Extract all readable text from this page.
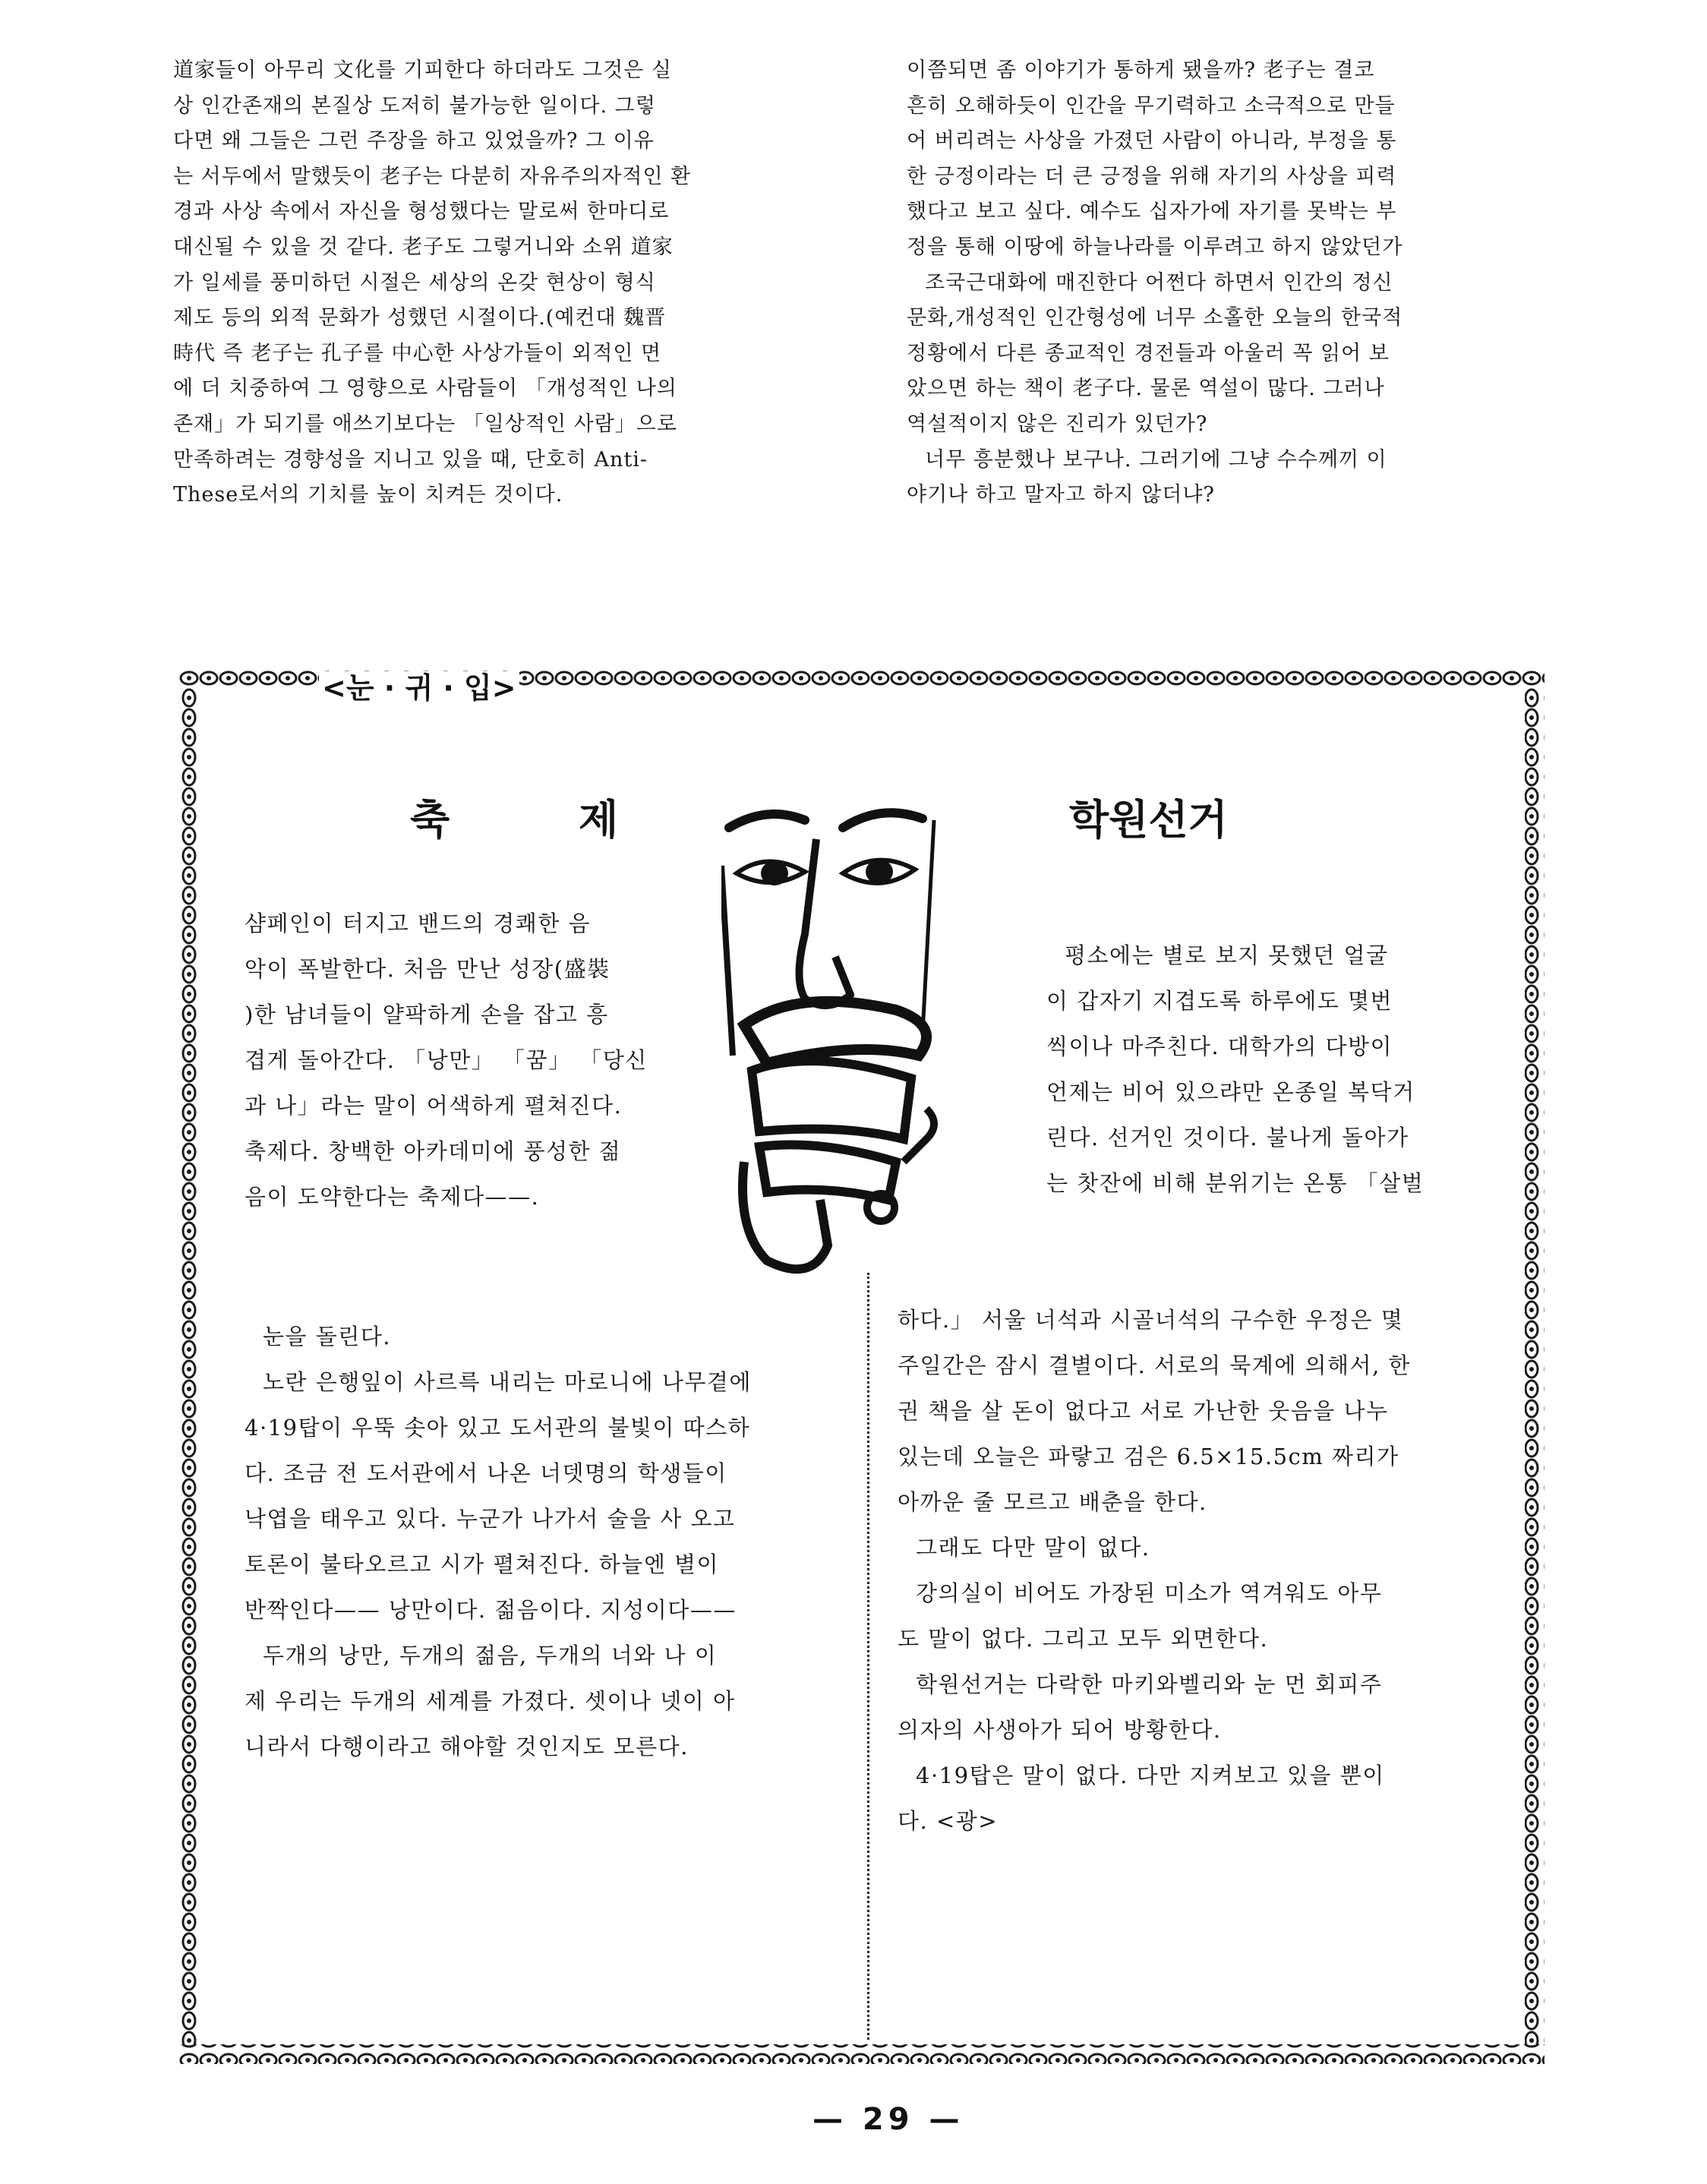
道家들이 아무리 文化를 기피한다 하더라도 그것은 실

상 인간존재의 본질상 도저히 불가능한 일이다. 그렇

다면 왜 그들은 그런 주장을 하고 있었을까? 그 이유

는 서두에서 말했듯이 老子는 다분히 자유주의자적인 환

경과 사상 속에서 자신을 형성했다는 말로써 한마디로

대신될 수 있을 것 같다. 老子도 그렇거니와 소위 道家

가 일세를 풍미하던 시절은 세상의 온갖 현상이 형식

제도 등의 외적 문화가 성했던 시절이다.(예컨대 魏晋

時代 즉 老子는 孔子를 中心한 사상가들이 외적인 면

에 더 치중하여 그 영향으로 사람들이 「개성적인 나의

존재」가 되기를 애쓰기보다는 「일상적인 사람」으로

만족하려는 경향성을 지니고 있을 때, 단호히 Anti-

These로서의 기치를 높이 치켜든 것이다.

이쯤되면 좀 이야기가 통하게 됐을까? 老子는 결코

흔히 오해하듯이 인간을 무기력하고 소극적으로 만들

어 버리려는 사상을 가졌던 사람이 아니라, 부정을 통

한 긍정이라는 더 큰 긍정을 위해 자기의 사상을 피력

했다고 보고 싶다. 예수도 십자가에 자기를 못박는 부

정을 통해 이땅에 하늘나라를 이루려고 하지 않았던가

조국근대화에 매진한다 어쩐다 하면서 인간의 정신

문화,개성적인 인간형성에 너무 소홀한 오늘의 한국적

정황에서 다른 종교적인 경전들과 아울러 꼭 읽어 보

았으면 하는 책이 老子다. 물론 역설이 많다. 그러나

역설적이지 않은 진리가 있던가?

너무 흥분했나 보구나. 그러기에 그냥 수수께끼 이

야기나 하고 말자고 하지 않더냐?

<눈 · 귀 · 입>
축	제	학원선거

샴페인이 터지고 밴드의 경쾌한 음

악이 폭발한다. 처음 만난 성장(盛裝

)한 남녀들이 얄팍하게 손을 잡고 흥

겹게 돌아간다. 「낭만」 「꿈」 「당신

과 나」라는 말이 어색하게 펼쳐진다.

축제다. 창백한 아카데미에 풍성한 젊

음이 도약한다는 축제다——.

눈을 돌린다.

노란 은행잎이 사르륵 내리는 마로니에 나무곁에

4·19탑이 우뚝 솟아 있고 도서관의 불빛이 따스하

다. 조금 전 도서관에서 나온 너뎃명의 학생들이

낙엽을 태우고 있다. 누군가 나가서 술을 사 오고

토론이 불타오르고 시가 펼쳐진다. 하늘엔 별이

반짝인다—— 낭만이다. 젊음이다. 지성이다——

두개의 낭만, 두개의 젊음, 두개의 너와 나 이

제 우리는 두개의 세계를 가졌다. 셋이나 넷이 아

니라서 다행이라고 해야할 것인지도 모른다.

평소에는 별로 보지 못했던 얼굴

이 갑자기 지겹도록 하루에도 몇번

씩이나 마주친다. 대학가의 다방이

언제는 비어 있으랴만 온종일 복닥거

린다. 선거인 것이다. 불나게 돌아가

는 찻잔에 비해 분위기는 온통 「살벌

하다.」 서울 너석과 시골너석의 구수한 우정은 몇

주일간은 잠시 결별이다. 서로의 묵계에 의해서, 한

권 책을 살 돈이 없다고 서로 가난한 웃음을 나누

있는데 오늘은 파랗고 검은 6.5×15.5cm 짜리가

아까운 줄 모르고 배춘을 한다.

그래도 다만 말이 없다.

강의실이 비어도 가장된 미소가 역겨워도 아무

도 말이 없다. 그리고 모두 외면한다.

학원선거는 다락한 마키와벨리와 눈 먼 회피주

의자의 사생아가 되어 방황한다.

4·19탑은 말이 없다. 다만 지켜보고 있을 뿐이

다. <광>

— 29 —
